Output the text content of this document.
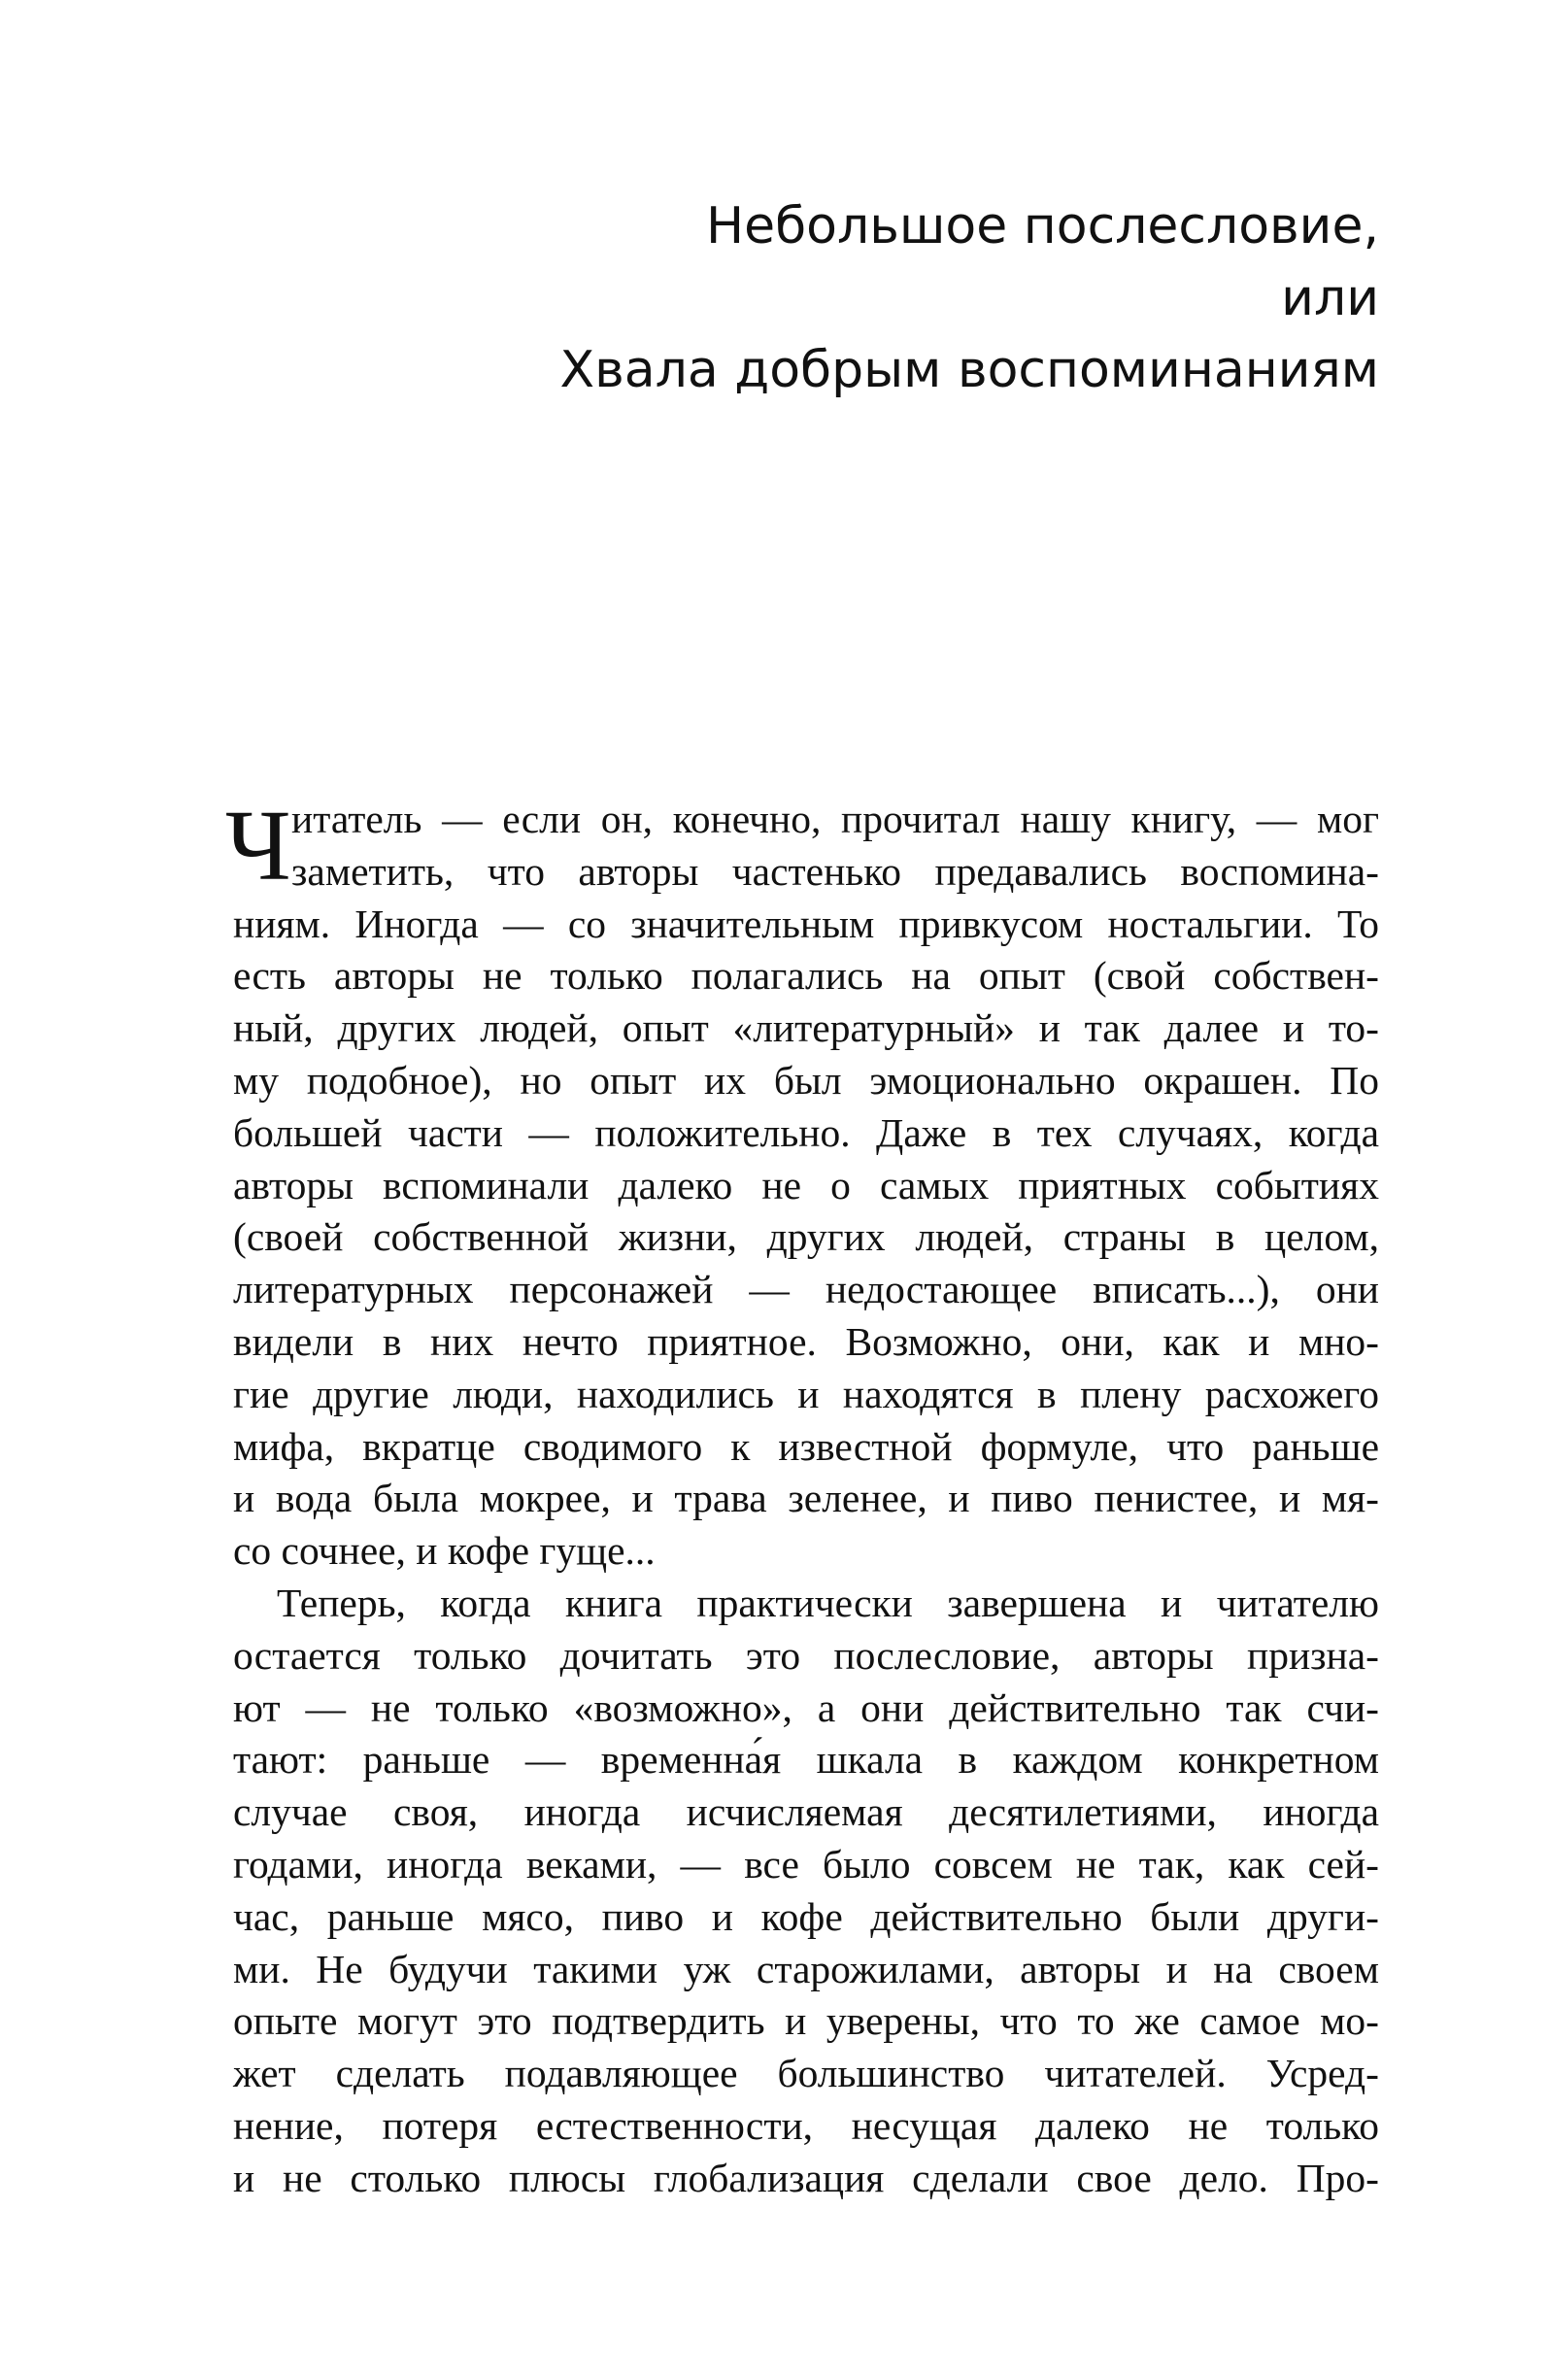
Небольшое послесловие,
или
Хвала добрым воспоминаниям
Ч итатель — если он, конечно, прочитал нашу книгу, — мог
заметить, что авторы частенько предавались воспомина-
ниям. Иногда — со значительным привкусом ностальгии. То
есть авторы не только полагались на опыт (свой собствен-
ный, других людей, опыт «литературный» и так далее и то-
му подобное), но опыт их был эмоционально окрашен. По
большей части — положительно. Даже в тех случаях, когда
авторы вспоминали далеко не о самых приятных событиях
(своей собственной жизни, других людей, страны в целом,
литературных персонажей — недостающее вписать...), они
видели в них нечто приятное. Возможно, они, как и мно-
гие другие люди, находились и находятся в плену расхожего
мифа, вкратце сводимого к известной формуле, что раньше
и вода была мокрее, и трава зеленее, и пиво пенистее, и мя-
со сочнее, и кофе гуще...
Теперь, когда книга практически завершена и читателю
остается только дочитать это послесловие, авторы призна-
ют — не только «возможно», а они действительно так счи-
тают: раньше — временна́я шкала в каждом конкретном
случае своя, иногда исчисляемая десятилетиями, иногда
годами, иногда веками, — все было совсем не так, как сей-
час, раньше мясо, пиво и кофе действительно были други-
ми. Не будучи такими уж старожилами, авторы и на своем
опыте могут это подтвердить и уверены, что то же самое мо-
жет сделать подавляющее большинство читателей. Усред-
нение, потеря естественности, несущая далеко не только
и не столько плюсы глобализация сделали свое дело. Про-
